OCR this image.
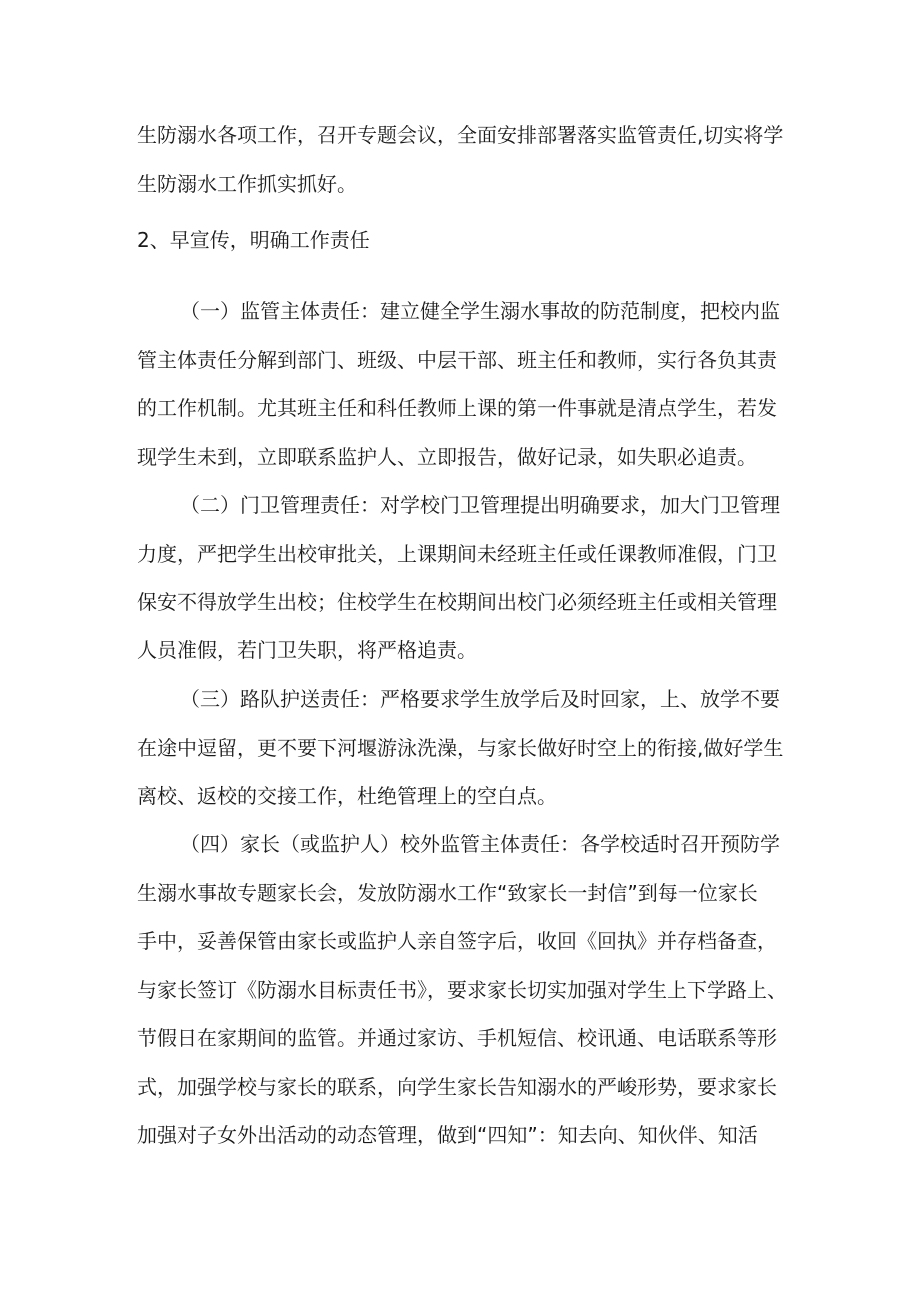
生防溺水各项工作，召开专题会议，全面安排部署落实监管责任,切实将学
生防溺水工作抓实抓好。
2、早宣传，明确工作责任
（一）监管主体责任：建立健全学生溺水事故的防范制度，把校内监
管主体责任分解到部门、班级、中层干部、班主任和教师，实行各负其责
的工作机制。尤其班主任和科任教师上课的第一件事就是清点学生，若发
现学生未到，立即联系监护人、立即报告，做好记录，如失职必追责。
（二）门卫管理责任：对学校门卫管理提出明确要求，加大门卫管理
力度，严把学生出校审批关，上课期间未经班主任或任课教师准假，门卫
保安不得放学生出校；住校学生在校期间出校门必须经班主任或相关管理
人员准假，若门卫失职，将严格追责。
（三）路队护送责任：严格要求学生放学后及时回家，上、放学不要
在途中逗留，更不要下河堰游泳洗澡，与家长做好时空上的衔接,做好学生
离校、返校的交接工作，杜绝管理上的空白点。
（四）家长（或监护人）校外监管主体责任：各学校适时召开预防学
生溺水事故专题家长会，发放防溺水工作“致家长一封信”到每一位家长
手中，妥善保管由家长或监护人亲自签字后，收回《回执》并存档备查，
与家长签订《防溺水目标责任书》，要求家长切实加强对学生上下学路上、
节假日在家期间的监管。并通过家访、手机短信、校讯通、电话联系等形
式，加强学校与家长的联系，向学生家长告知溺水的严峻形势，要求家长
加强对子女外出活动的动态管理，做到“四知”：知去向、知伙伴、知活
